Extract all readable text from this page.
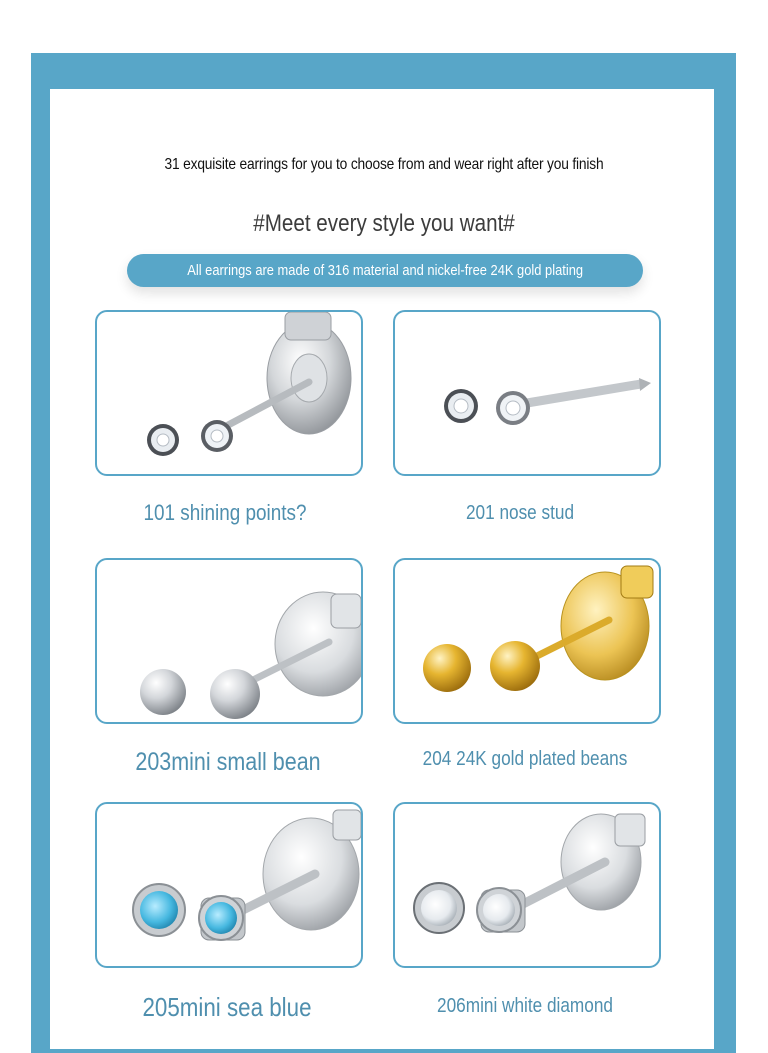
31 exquisite earrings for you to choose from and wear right after you finish
#Meet every style you want#
All earrings are made of 316 material and nickel-free 24K gold plating
101 shining points?	201 nose stud
203mini small bean	204 24K gold plated beans
205mini sea blue	206mini white diamond
